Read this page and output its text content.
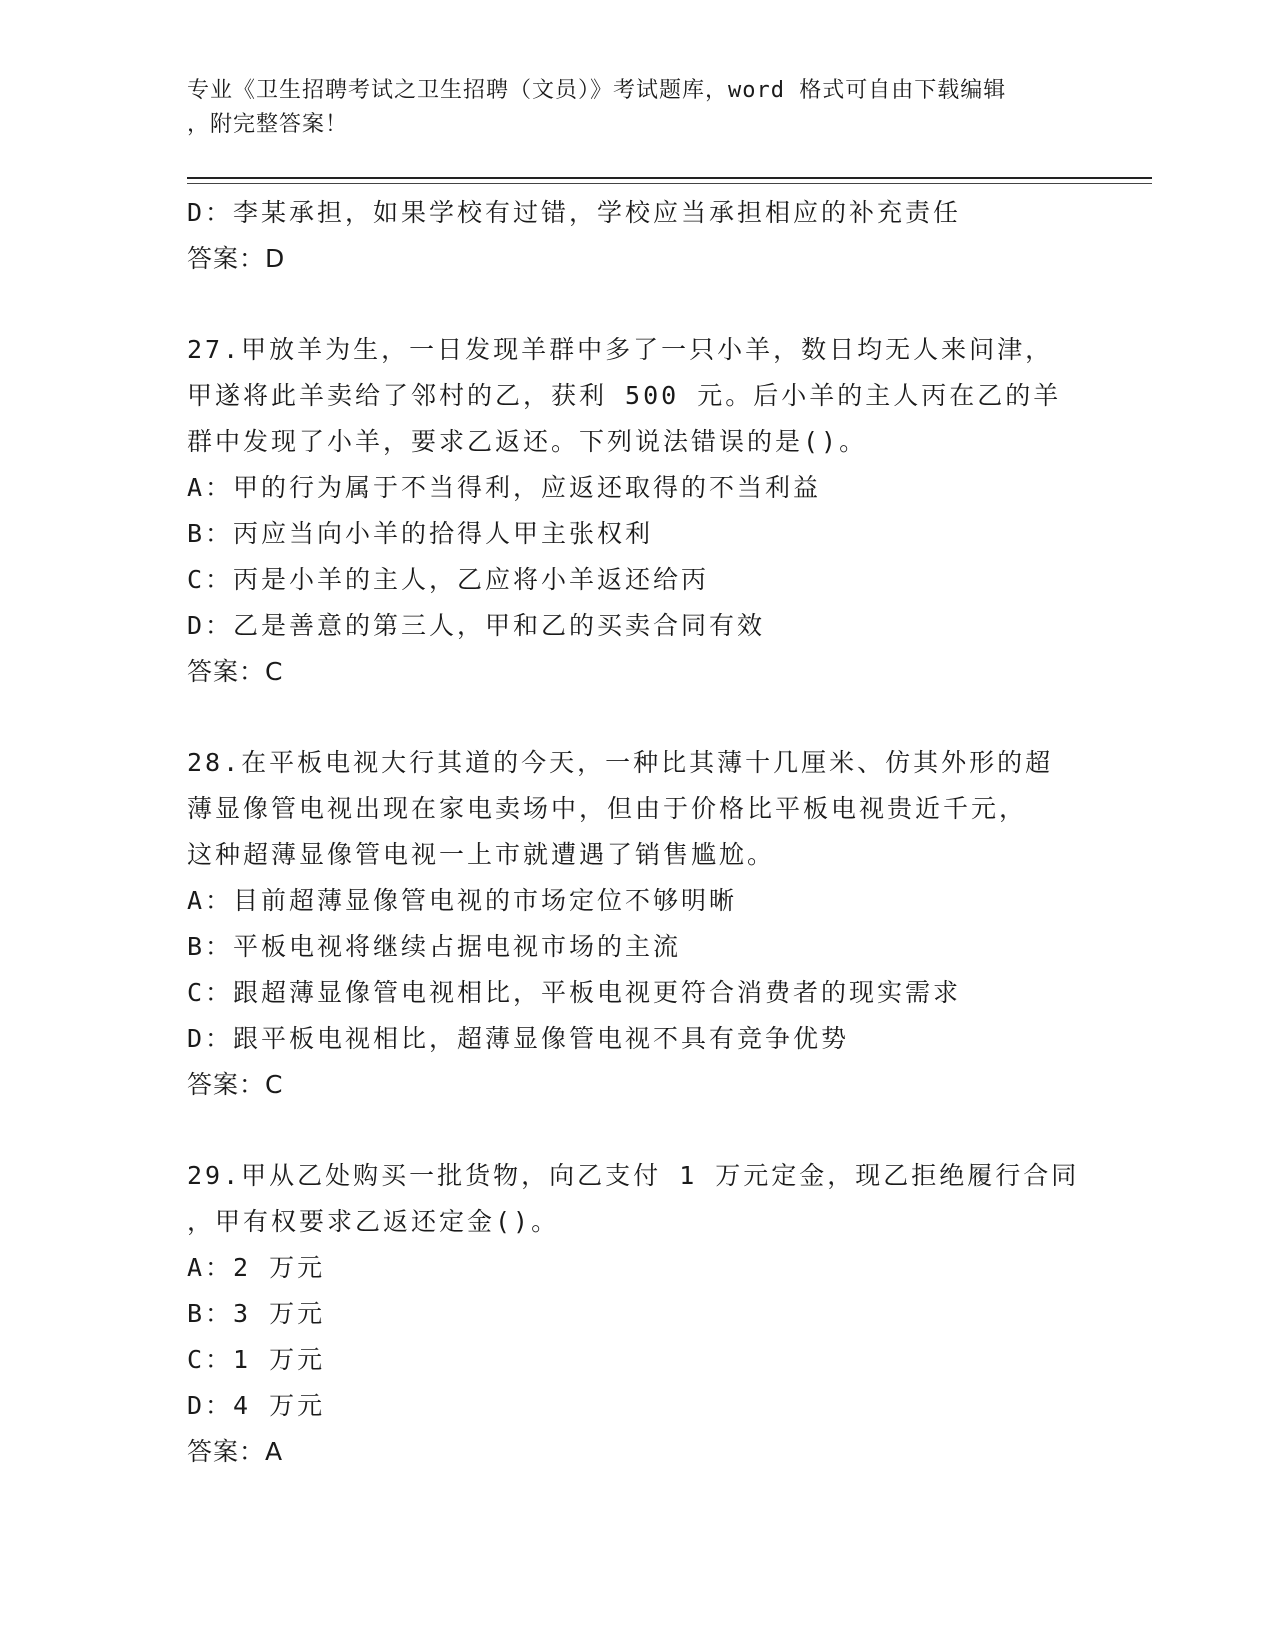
专业《卫生招聘考试之卫生招聘（文员）》考试题库，word 格式可自由下载编辑
，附完整答案！
D：李某承担，如果学校有过错，学校应当承担相应的补充责任
答案：D
27.甲放羊为生，一日发现羊群中多了一只小羊，数日均无人来问津，
甲遂将此羊卖给了邻村的乙，获利 500 元。后小羊的主人丙在乙的羊
群中发现了小羊，要求乙返还。下列说法错误的是()。
A：甲的行为属于不当得利，应返还取得的不当利益
B：丙应当向小羊的拾得人甲主张权利
C：丙是小羊的主人，乙应将小羊返还给丙
D：乙是善意的第三人，甲和乙的买卖合同有效
答案：C
28.在平板电视大行其道的今天，一种比其薄十几厘米、仿其外形的超
薄显像管电视出现在家电卖场中，但由于价格比平板电视贵近千元，
这种超薄显像管电视一上市就遭遇了销售尴尬。
A：目前超薄显像管电视的市场定位不够明晰
B：平板电视将继续占据电视市场的主流
C：跟超薄显像管电视相比，平板电视更符合消费者的现实需求
D：跟平板电视相比，超薄显像管电视不具有竞争优势
答案：C
29.甲从乙处购买一批货物，向乙支付 1 万元定金，现乙拒绝履行合同
，甲有权要求乙返还定金()。
A：2 万元
B：3 万元
C：1 万元
D：4 万元
答案：A
